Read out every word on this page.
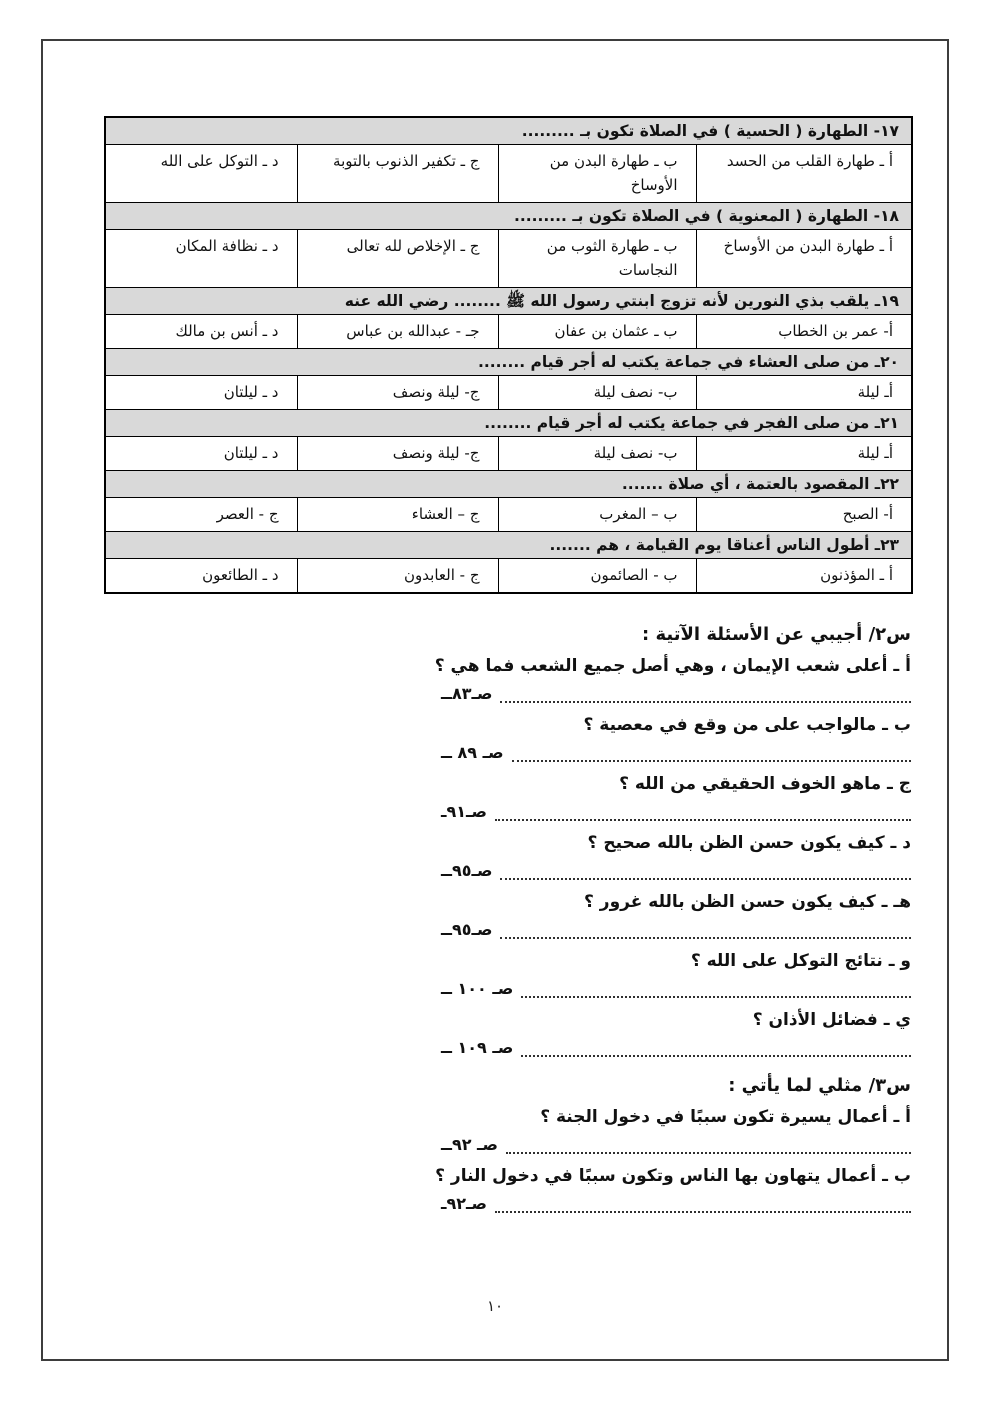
١٧- الطهارة ( الحسية ) في الصلاة تكون بـ .........			
أ ـ طهارة القلب من الحسد	ب ـ طهارة البدن من الأوساخ	ج ـ تكفير الذنوب بالتوبة	د ـ التوكل على الله
١٨- الطهارة ( المعنوية ) في الصلاة تكون بـ .........			
أ ـ طهارة البدن من الأوساخ	ب ـ طهارة الثوب من النجاسات	ج ـ الإخلاص لله تعالى	د ـ نظافة المكان
١٩ـ يلقب بذي النورين لأنه تزوج ابنتي رسول الله ﷺ ........ رضي الله عنه			
أ- عمر بن الخطاب	ب ـ عثمان بن عفان	جـ - عبدالله بن عباس	د ـ أنس بن مالك
٢٠ـ من صلى العشاء في جماعة يكتب له أجر قيام ........			
أـ ليلة	ب- نصف ليلة	ج- ليلة ونصف	د ـ ليلتان
٢١ـ من صلى الفجر في جماعة يكتب له أجر قيام ........			
أـ ليلة	ب- نصف ليلة	ج- ليلة ونصف	د ـ ليلتان
٢٢ـ المقصود بالعتمة ، أي صلاة .......			
أ- الصبح	ب – المغرب	ج – العشاء	ج - العصر
٢٣ـ أطول الناس أعناقا يوم القيامة ، هم .......			
أ ـ المؤذنون	ب - الصائمون	ج - العابدون	د ـ الطائعون
س٢/ أجيبي عن الأسئلة الآتية :
أ ـ أعلى شعب الإيمان ، وهي أصل جميع الشعب فما هي ؟
صـ٨٣ــ
ب ـ مالواجب على من وقع في معصية ؟
صـ ٨٩ ــ
ج ـ ماهو الخوف الحقيقي من الله ؟
صـ٩١ـ
د ـ كيف يكون حسن الظن بالله صحيح ؟
صـ٩٥ــ
هـ ـ كيف يكون حسن الظن بالله غرور ؟
صـ٩٥ــ
و ـ نتائج التوكل على الله ؟
صـ ١٠٠ ــ
ي ـ فضائل الأذان ؟
صـ ١٠٩ ــ
س٣/ مثلي لما يأتي :
أ ـ أعمال يسيرة تكون سببًا في دخول الجنة ؟
صـ ٩٢ــ
ب ـ أعمال يتهاون بها الناس وتكون سببًا في دخول النار ؟
صـ٩٢ـ
١٠
